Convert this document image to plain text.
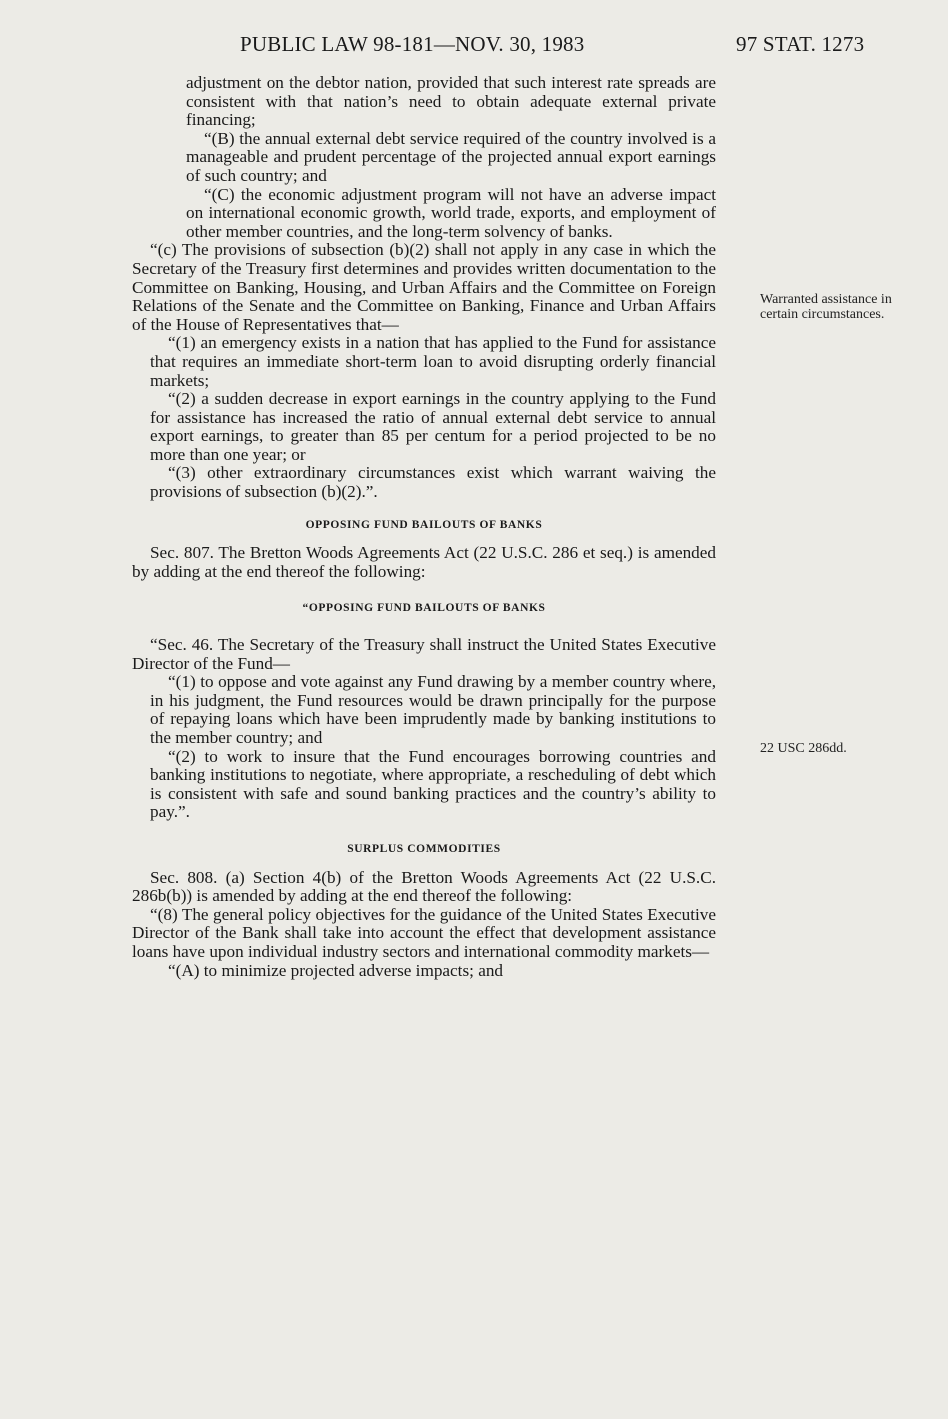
PUBLIC LAW 98-181—NOV. 30, 1983	97 STAT. 1273

adjustment on the debtor nation, provided that such interest rate spreads are consistent with that nation’s need to obtain adequate external private financing;

“(B) the annual external debt service required of the country involved is a manageable and prudent percentage of the projected annual export earnings of such country; and

“(C) the economic adjustment program will not have an adverse impact on international economic growth, world trade, exports, and employment of other member countries, and the long-term solvency of banks.

“(c) The provisions of subsection (b)(2) shall not apply in any case in which the Secretary of the Treasury first determines and provides written documentation to the Committee on Banking, Housing, and Urban Affairs and the Committee on Foreign Relations of the Senate and the Committee on Banking, Finance and Urban Affairs of the House of Representatives that—

“(1) an emergency exists in a nation that has applied to the Fund for assistance that requires an immediate short-term loan to avoid disrupting orderly financial markets;

“(2) a sudden decrease in export earnings in the country applying to the Fund for assistance has increased the ratio of annual external debt service to annual export earnings, to greater than 85 per centum for a period projected to be no more than one year; or

“(3) other extraordinary circumstances exist which warrant waiving the provisions of subsection (b)(2).”.

OPPOSING FUND BAILOUTS OF BANKS

Sec. 807. The Bretton Woods Agreements Act (22 U.S.C. 286 et seq.) is amended by adding at the end thereof the following:

“OPPOSING FUND BAILOUTS OF BANKS

“Sec. 46. The Secretary of the Treasury shall instruct the United States Executive Director of the Fund—

“(1) to oppose and vote against any Fund drawing by a member country where, in his judgment, the Fund resources would be drawn principally for the purpose of repaying loans which have been imprudently made by banking institutions to the member country; and

“(2) to work to insure that the Fund encourages borrowing countries and banking institutions to negotiate, where appropriate, a rescheduling of debt which is consistent with safe and sound banking practices and the country’s ability to pay.”.

SURPLUS COMMODITIES

Sec. 808. (a) Section 4(b) of the Bretton Woods Agreements Act (22 U.S.C. 286b(b)) is amended by adding at the end thereof the following:

“(8) The general policy objectives for the guidance of the United States Executive Director of the Bank shall take into account the effect that development assistance loans have upon individual industry sectors and international commodity markets—

“(A) to minimize projected adverse impacts; and

Warranted assistance in certain circumstances.
22 USC 286dd.
